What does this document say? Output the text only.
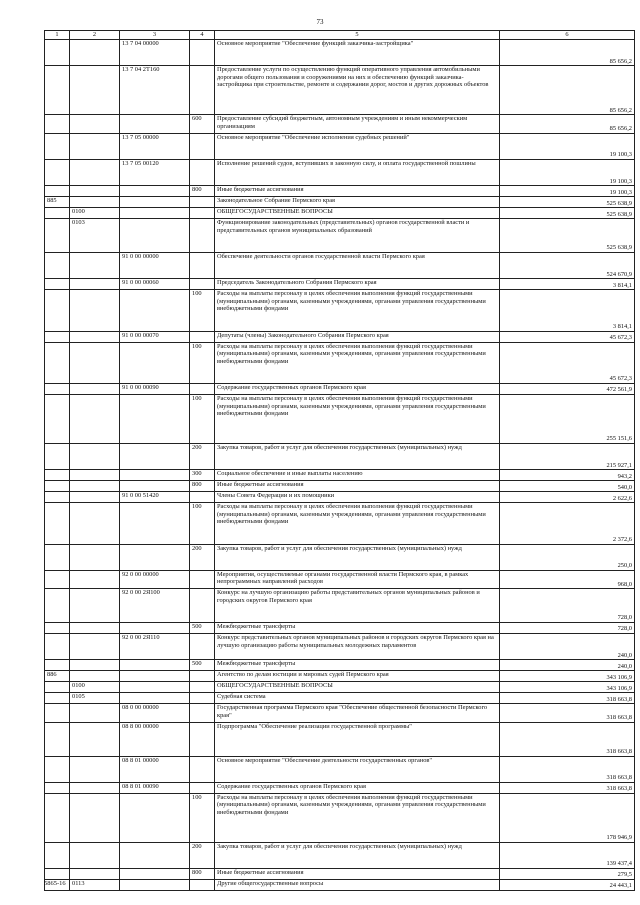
73
1	2	3	4	5	6
		13 7 04 00000		Основное мероприятие "Обеспечение функций заказчика-застройщика"	85 656,2
		13 7 04 2Т160		Предоставление услуги по осуществлению функций оперативного управления автомобильными дорогами общего пользования и сооружениями на них и обеспечению функций заказчика-застройщика при строительстве, ремонте и содержании дорог, мостов и других дорожных объектов	85 656,2
			600	Предоставление субсидий бюджетным, автономным учреждениям и иным некоммерческим организациям	85 656,2
		13 7 05 00000		Основное мероприятие "Обеспечение исполнения судебных решений"	19 100,3
		13 7 05 00120		Исполнение решений судов, вступивших в законную силу, и оплата государственной пошлины	19 100,3
			800	Иные бюджетные ассигнования	19 100,3
885				Законодательное Собрание Пермского края	525 638,9
	0100			ОБЩЕГОСУДАРСТВЕННЫЕ ВОПРОСЫ	525 638,9
	0103			Функционирование законодательных (представительных) органов государственной власти и представительных органов муниципальных образований	525 638,9
		91 0 00 00000		Обеспечение деятельности органов государственной власти Пермского края	524 670,9
		91 0 00 00060		Председатель Законодательного Собрания Пермского края	3 814,1
			100	Расходы на выплаты персоналу в целях обеспечения выполнения функций государственными (муниципальными) органами, казенными учреждениями, органами управления государственными внебюджетными фондами	3 814,1
		91 0 00 00070		Депутаты (члены) Законодательного Собрания Пермского края	45 672,3
			100	Расходы на выплаты персоналу в целях обеспечения выполнения функций государственными (муниципальными) органами, казенными учреждениями, органами управления государственными внебюджетными фондами	45 672,3
		91 0 00 00090		Содержание государственных органов Пермского края	472 561,9
			100	Расходы на выплаты персоналу в целях обеспечения выполнения функций государственными (муниципальными) органами, казенными учреждениями, органами управления государственными внебюджетными фондами	255 151,6
			200	Закупка товаров, работ и услуг для обеспечения государственных (муниципальных) нужд	215 927,1
			300	Социальное обеспечение и иные выплаты населению	943,2
			800	Иные бюджетные ассигнования	540,0
		91 0 00 51420		Члены Совета Федерации и их помощники	2 622,6
			100	Расходы на выплаты персоналу в целях обеспечения выполнения функций государственными (муниципальными) органами, казенными учреждениями, органами управления государственными внебюджетными фондами	2 372,6
			200	Закупка товаров, работ и услуг для обеспечения государственных (муниципальных) нужд	250,0
		92 0 00 00000		Мероприятия, осуществляемые органами государственной власти Пермского края, в рамках непрограммных направлений расходов	968,0
		92 0 00 2Я100		Конкурс на лучшую организацию работы представительных органов муниципальных районов и городских округов Пермского края	728,0
			500	Межбюджетные трансферты	728,0
		92 0 00 2Я110		Конкурс представительных органов муниципальных районов и городских округов Пермского края на лучшую организацию работы муниципальных молодежных парламентов	240,0
			500	Межбюджетные трансферты	240,0
886				Агентство по делам юстиции и мировых судей Пермского края	343 106,9
	0100			ОБЩЕГОСУДАРСТВЕННЫЕ ВОПРОСЫ	343 106,9
	0105			Судебная система	318 663,8
		08 0 00 00000		Государственная программа Пермского края "Обеспечение общественной безопасности Пермского края"	318 663,8
		08 8 00 00000		Подпрограмма "Обеспечение реализации государственной программы"	318 663,8
		08 8 01 00000		Основное мероприятие "Обеспечение деятельности государственных органов"	318 663,8
		08 8 01 00090		Содержание государственных органов Пермского края	318 663,8
			100	Расходы на выплаты персоналу в целях обеспечения выполнения функций государственными (муниципальными) органами, казенными учреждениями, органами управления государственными внебюджетными фондами	178 946,9
			200	Закупка товаров, работ и услуг для обеспечения государственных (муниципальных) нужд	139 437,4
			800	Иные бюджетные ассигнования	279,5
	0113			Другие общегосударственные вопросы	24 443,1
5865-16
